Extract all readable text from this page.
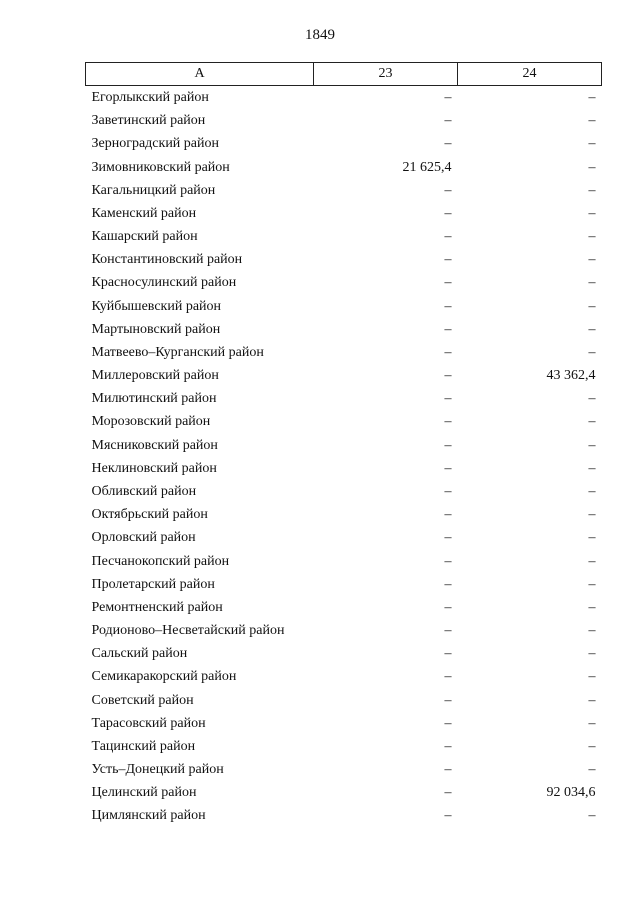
1849
А	23	24
Егорлыкский район	–	–
Заветинский район	–	–
Зерноградский район	–	–
Зимовниковский район	21 625,4	–
Кагальницкий район	–	–
Каменский район	–	–
Кашарский район	–	–
Константиновский район	–	–
Красносулинский район	–	–
Куйбышевский район	–	–
Мартыновский район	–	–
Матвеево–Курганский район	–	–
Миллеровский район	–	43 362,4
Милютинский район	–	–
Морозовский район	–	–
Мясниковский район	–	–
Неклиновский район	–	–
Обливский район	–	–
Октябрьский район	–	–
Орловский район	–	–
Песчанокопский район	–	–
Пролетарский район	–	–
Ремонтненский район	–	–
Родионово–Несветайский район	–	–
Сальский район	–	–
Семикаракорский район	–	–
Советский район	–	–
Тарасовский район	–	–
Тацинский район	–	–
Усть–Донецкий район	–	–
Целинский район	–	92 034,6
Цимлянский район	–	–
